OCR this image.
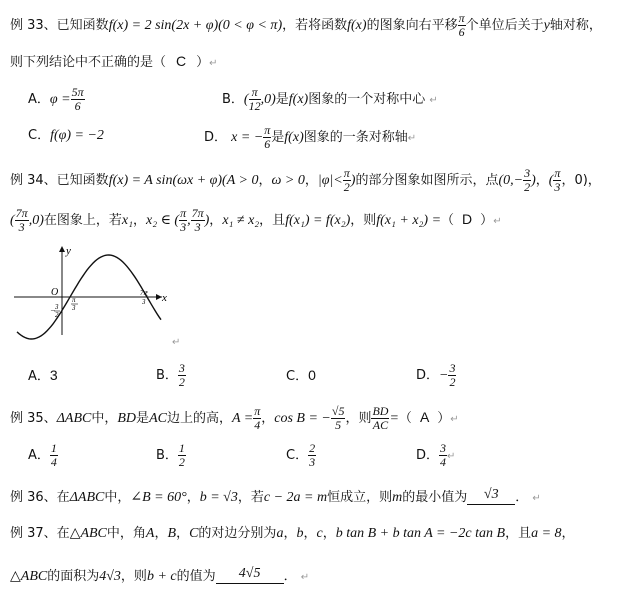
例 33、已知函数f(x) = 2 sin(2x + φ)(0 < φ < π)，若将函数f(x)的图象向右平移 $\frac{\pi}{6}$ 个单位后关于y轴对称，
则下列结论中不正确的是（ C ）↵
A．$\varphi = \frac{5\pi}{6}$	B．( $\frac{\pi}{12} ,0$)是f(x)图象的一个对称中心 ↵
C．f(φ) = −2	D． x = − $\frac{\pi}{6}$ 是f(x)图象的一条对称轴↵
例 34、已知函数f(x) = A sin(ωx + φ)(A > 0，ω > 0，$|\varphi|< \frac{\pi}{2}$ )的部分图象如图所示，点($0,- \frac{3}{2}$ )，( $\frac{\pi}{3}$ ，0)，
( $\frac{7\pi}{3} ,0$)在图象上，若x₁，x₂ ∈ ( $\frac{\pi}{3}$ , $\frac{7\pi}{3}$ )，x₁ ≠ x₂，且f(x₁) = f(x₂)，则f(x₁ + x₂) =（ D ）↵
y
x
O
π
3
− 3
2
7π
3
↵
A．3	B． $\frac{3}{2}$	C．0	D．− $\frac{3}{2}$
例 35、ΔABC中，BD是AC边上的高，$A = \frac{\pi}{4}$ ，cos B = − $\frac{√5}{5}$ ，则 $\frac{BD}{AC}$ =（ A ）↵
A． $\frac{1}{4}$	B． $\frac{1}{2}$	C． $\frac{2}{3}$	D． $\frac{3}{4}$ ↵
例 36、在ΔABC中，∠B = 60°，b = √3，若c − 2a = m恒成立，则m的最小值为 √3 ． ↵
例 37、在△ABC中，角A，B，C的对边分别为a，b，c，b tan B + b tan A = −2c tan B，且a = 8，
△ABC的面积为4√3，则b + c的值为 4√5 ． ↵
